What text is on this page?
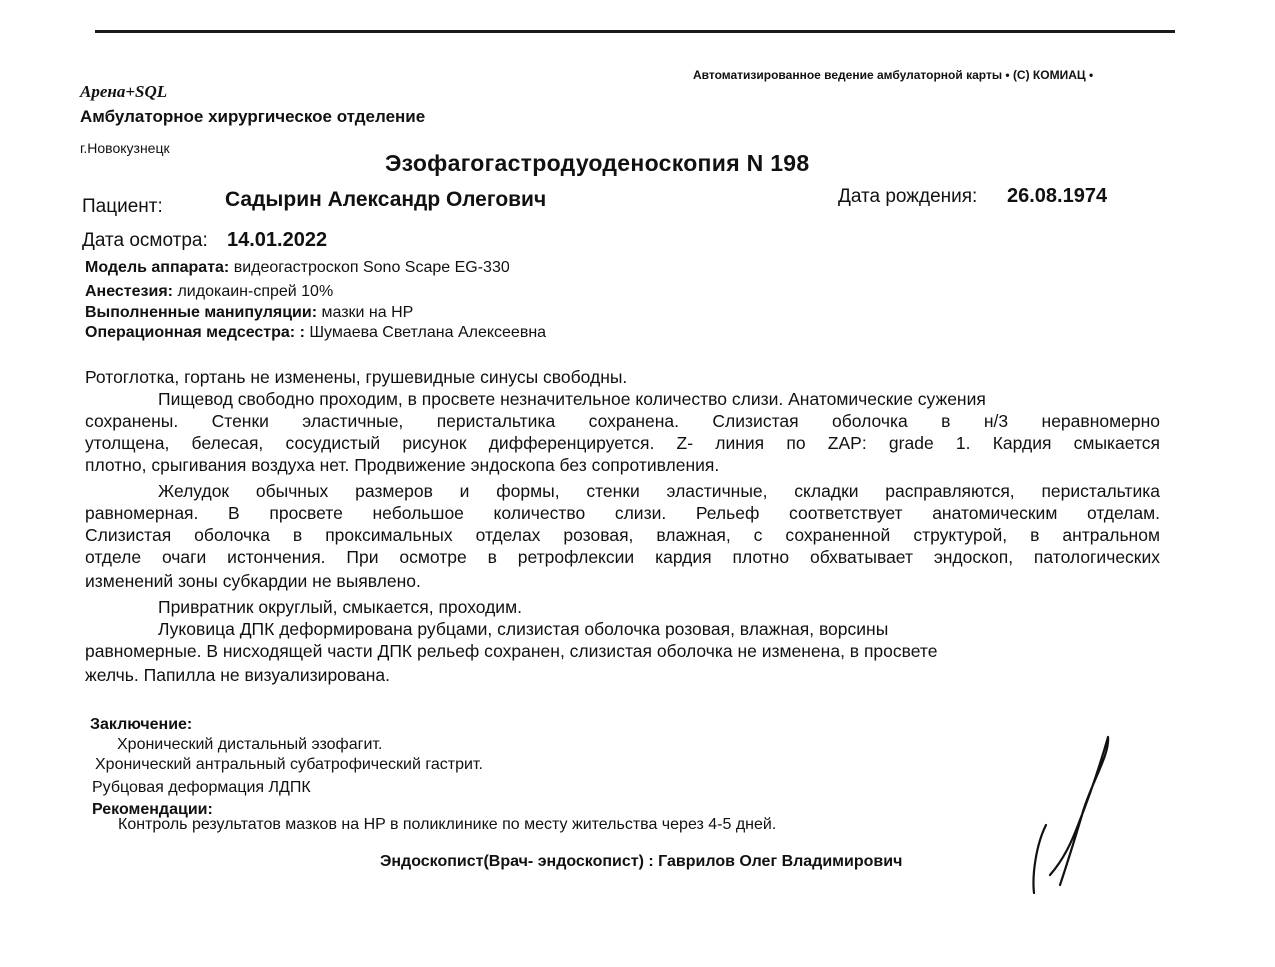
Автоматизированное ведение амбулаторной карты • (С) КОМИАЦ •
Арена+SQL
Амбулаторное хирургическое отделение
г.Новокузнецк
Эзофагогастродуоденоскопия N 198
Пациент:	Садырин Александр Олегович	Дата рождения: 26.08.1974
Дата осмотра: 14.01.2022
Модель аппарата: видеогастроскоп Sono Scape EG-330
Анестезия: лидокаин-спрей 10%
Выполненные манипуляции: мазки на HP
Операционная медсестра: : Шумаева Светлана Алексеевна
Ротоглотка, гортань не изменены, грушевидные синусы свободны.
Пищевод свободно проходим, в просвете незначительное количество слизи. Анатомические сужения
сохранены. Стенки эластичные, перистальтика сохранена. Слизистая оболочка в н/3 неравномерно
утолщена, белесая, сосудистый рисунок дифференцируется. Z- линия по ZAP: grade 1. Кардия смыкается
плотно, срыгивания воздуха нет. Продвижение эндоскопа без сопротивления.
Желудок обычных размеров и формы, стенки эластичные, складки расправляются, перистальтика
равномерная. В просвете небольшое количество слизи. Рельеф соответствует анатомическим отделам.
Слизистая оболочка в проксимальных отделах розовая, влажная, с сохраненной структурой, в антральном
отделе очаги истончения. При осмотре в ретрофлексии кардия плотно обхватывает эндоскоп, патологических
изменений зоны субкардии не выявлено.
Привратник округлый, смыкается, проходим.
Луковица ДПК деформирована рубцами, слизистая оболочка розовая, влажная, ворсины
равномерные. В нисходящей части ДПК рельеф сохранен, слизистая оболочка не изменена, в просвете
желчь. Папилла не визуализирована.
Заключение:
Хронический дистальный эзофагит.
Хронический антральный субатрофический гастрит.
Рубцовая деформация ЛДПК
Рекомендации:
Контроль результатов мазков на HP в поликлинике по месту жительства через 4-5 дней.
Эндоскопист(Врач- эндоскопист) : Гаврилов Олег Владимирович
